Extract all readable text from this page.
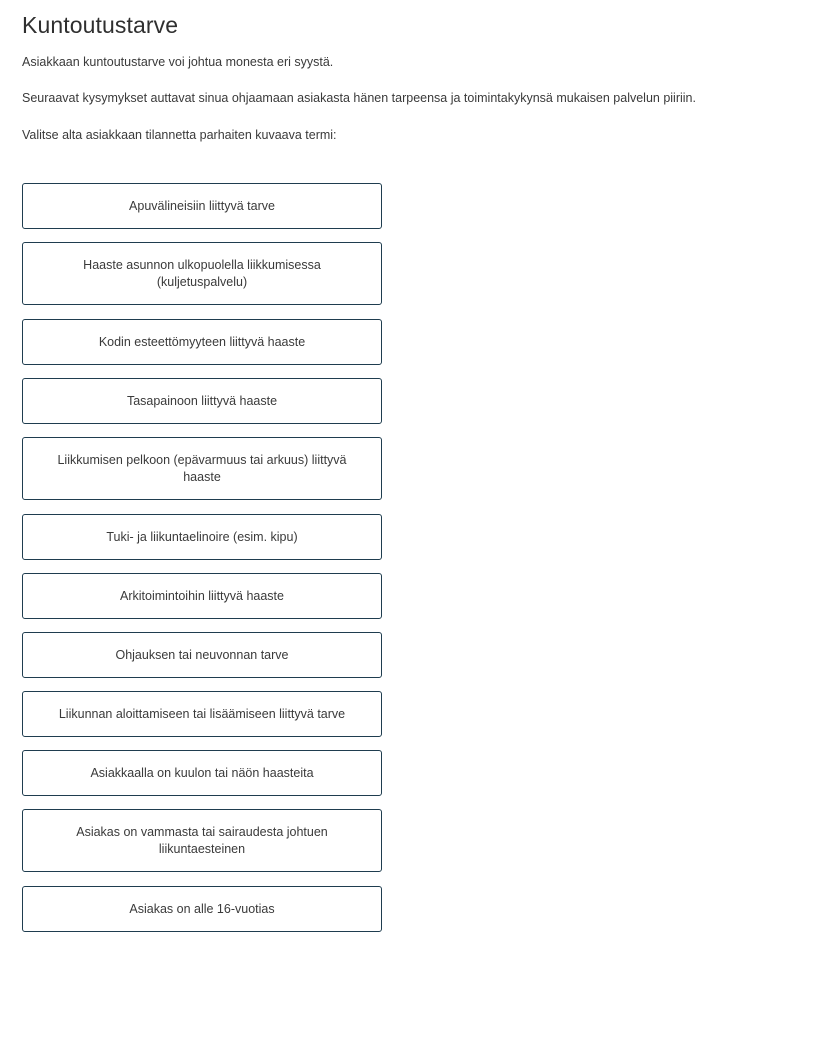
Kuntoutustarve

Asiakkaan kuntoutustarve voi johtua monesta eri syystä.

Seuraavat kysymykset auttavat sinua ohjaamaan asiakasta hänen tarpeensa ja toimintakykynsä mukaisen palvelun piiriin.

Valitse alta asiakkaan tilannetta parhaiten kuvaava termi:

Apuvälineisiin liittyvä tarve
Haaste asunnon ulkopuolella liikkumisessa (kuljetuspalvelu)
Kodin esteettömyyteen liittyvä haaste
Tasapainoon liittyvä haaste
Liikkumisen pelkoon (epävarmuus tai arkuus) liittyvä haaste
Tuki- ja liikuntaelinoire (esim. kipu)
Arkitoimintoihin liittyvä haaste
Ohjauksen tai neuvonnan tarve
Liikunnan aloittamiseen tai lisäämiseen liittyvä tarve
Asiakkaalla on kuulon tai näön haasteita
Asiakas on vammasta tai sairaudesta johtuen liikuntaesteinen
Asiakas on alle 16-vuotias
